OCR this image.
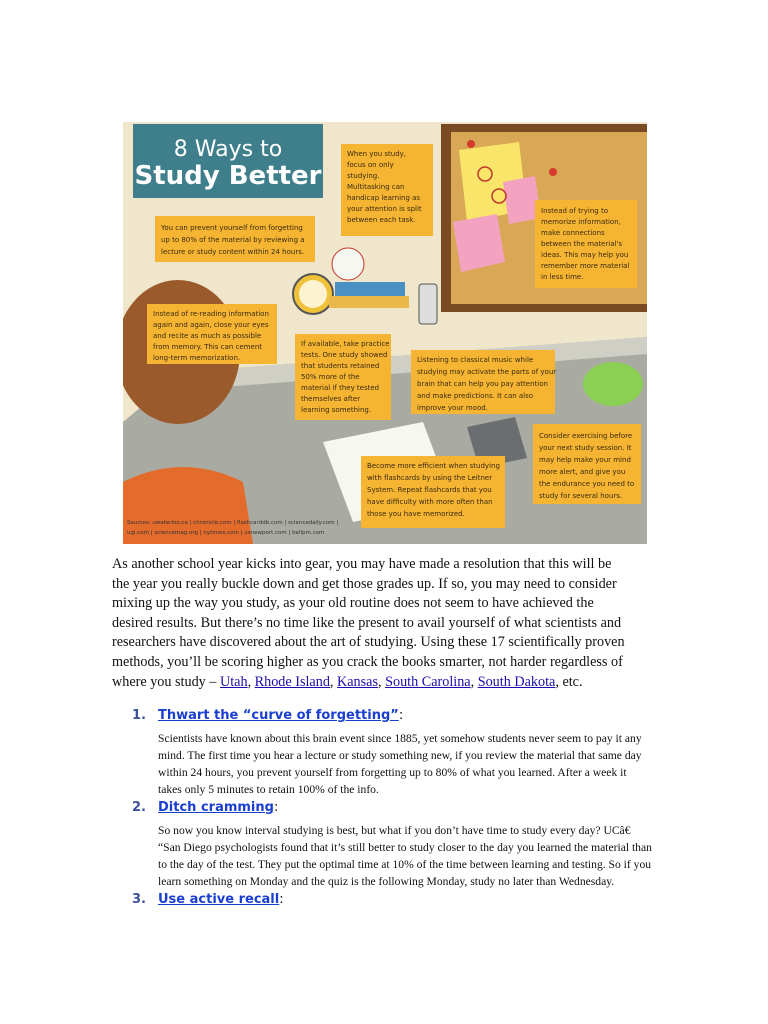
8 Ways to
Study Better
When you study, focus on only studying. Multitasking can handicap learning as your attention is split between each task.
You can prevent yourself from forgetting up to 80% of the material by reviewing a lecture or study content within 24 hours.
Instead of trying to memorize information, make connections between the material's ideas. This may help you remember more material in less time.
Instead of re-reading information again and again, close your eyes and recite as much as possible from memory. This can cement long-term memorization.
If available, take practice tests. One study showed that students retained 50% more of the material if they tested themselves after learning something.
Listening to classical music while studying may activate the parts of your brain that can help you pay attention and make predictions. It can also improve your mood.
Consider exercising before your next study session. It may help make your mind more alert, and give you the endurance you need to study for several hours.
Become more efficient when studying with flashcards by using the Leitner System. Repeat flashcards that you have difficulty with more often than those you have memorized.
Sources: uwaterloo.ca | chronicle.com | flashcarddb.com | sciencedaily.com | ugi.com | sciencemag.org | nytimes.com | usnewport.com | bellpm.com

As another school year kicks into gear, you may have made a resolution that this will be the year you really buckle down and get those grades up. If so, you may need to consider mixing up the way you study, as your old routine does not seem to have achieved the desired results. But there’s no time like the present to avail yourself of what scientists and researchers have discovered about the art of studying. Using these 17 scientifically proven methods, you’ll be scoring higher as you crack the books smarter, not harder regardless of where you study – Utah, Rhode Island, Kansas, South Carolina, South Dakota, etc.

1. Thwart the “curve of forgetting” :

Scientists have known about this brain event since 1885, yet somehow students never seem to pay it any mind. The first time you hear a lecture or study something new, if you review the material that same day within 24 hours, you prevent yourself from forgetting up to 80% of what you learned. After a week it takes only 5 minutes to retain 100% of the info.

2. Ditch cramming :

So now you know interval studying is best, but what if you don’t have time to study every day? UCâ€ “San Diego psychologists found that it’s still better to study closer to the day you learned the material than to the day of the test. They put the optimal time at 10% of the time between learning and testing. So if you learn something on Monday and the quiz is the following Monday, study no later than Wednesday.

3. Use active recall :
